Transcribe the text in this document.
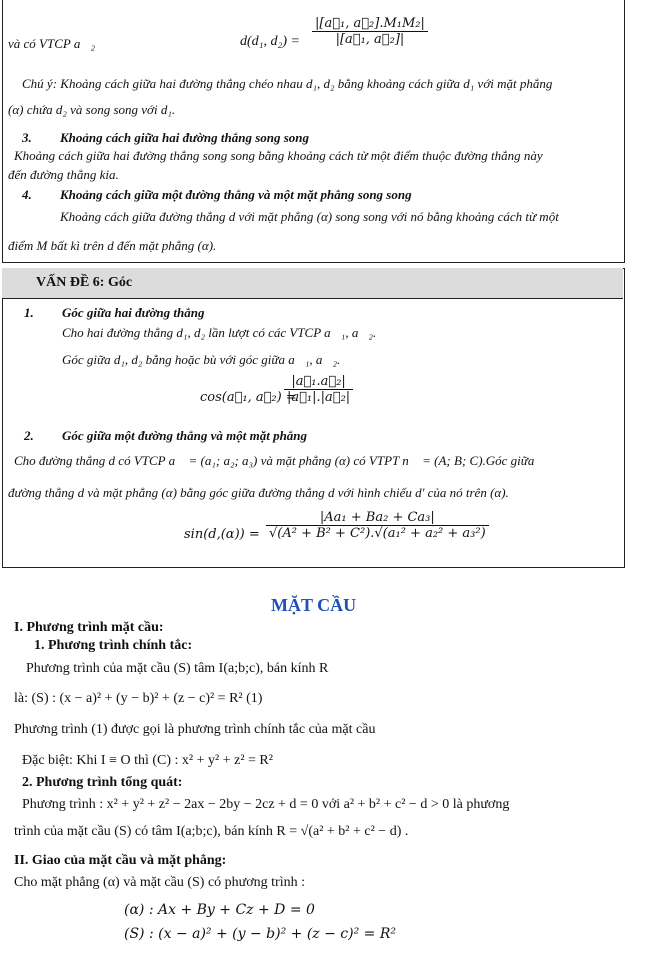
và có VTCP a⃗₂	d(d₁, $d_2) = \frac{\text{|[a⃗₁, a⃗₂].M₁M₂|}}{\text{|[a⃗₁, a⃗₂]|}}$
Chú ý: Khoảng cách giữa hai đường thẳng chéo nhau d₁, d₂ bằng khoảng cách giữa d₁ với mặt phẳng
(α) chứa d₂ và song song với d₁.
3. Khoảng cách giữa hai đường thẳng song song
Khoảng cách giữa hai đường thẳng song song bằng khoảng cách từ một điểm thuộc đường thẳng này
đến đường thẳng kia.
4. Khoảng cách giữa một đường thẳng và một mặt phẳng song song
Khoảng cách giữa đường thẳng d với mặt phẳng (α) song song với nó bằng khoảng cách từ một
điểm M bất kì trên d đến mặt phẳng (α).
VẤN ĐỀ 6: Góc
1. Góc giữa hai đường thẳng
Cho hai đường thẳng d₁, d₂ lần lượt có các VTCP a⃗₁, a⃗₂.
Góc giữa d₁, d₂ bằng hoặc bù với góc giữa a⃗₁, a⃗₂.
cos(a⃗₁, a⃗₂) =
$\frac{\text{|a⃗₁.a⃗₂|}}{\text{|a⃗₁|.|a⃗₂|}}$
2. Góc giữa một đường thẳng và một mặt phẳng
Cho đường thẳng d có VTCP a⃗ = (a₁; a₂; a₃) và mặt phẳng (α) có VTPT n⃗ = (A; B; C).Góc giữa
đường thẳng d và mặt phẳng (α) bằng góc giữa đường thẳng d với hình chiếu d' của nó trên (α).
$\sin(d,(\alpha)) = \frac{\text{|Aa₁ + Ba₂ + Ca₃|}}{\text{√(A² + B² + C²).√(a₁² + a₂² + a₃²)}}$
MẶT CẦU
I. Phương trình mặt cầu:
1. Phương trình chính tắc:
Phương trình của mặt cầu (S) tâm I(a;b;c), bán kính R
là: (S) : (x − a)² + (y − b)² + (z − c)² = R² (1)
Phương trình (1) được gọi là phương trình chính tắc của mặt cầu
Đặc biệt: Khi I ≡ O thì (C) : x² + y² + z² = R²
2. Phương trình tổng quát:
Phương trình : x² + y² + z² − 2ax − 2by − 2cz + d = 0 với a² + b² + c² − d > 0 là phương
trình của mặt cầu (S) có tâm I(a;b;c), bán kính R = √(a² + b² + c² − d) .
II. Giao của mặt cầu và mặt phẳng:
Cho mặt phẳng (α) và mặt cầu (S) có phương trình :
(α) : Ax + By + Cz + D = 0
(S) : (x − a)² + (y − b)² + (z − c)² = R²
